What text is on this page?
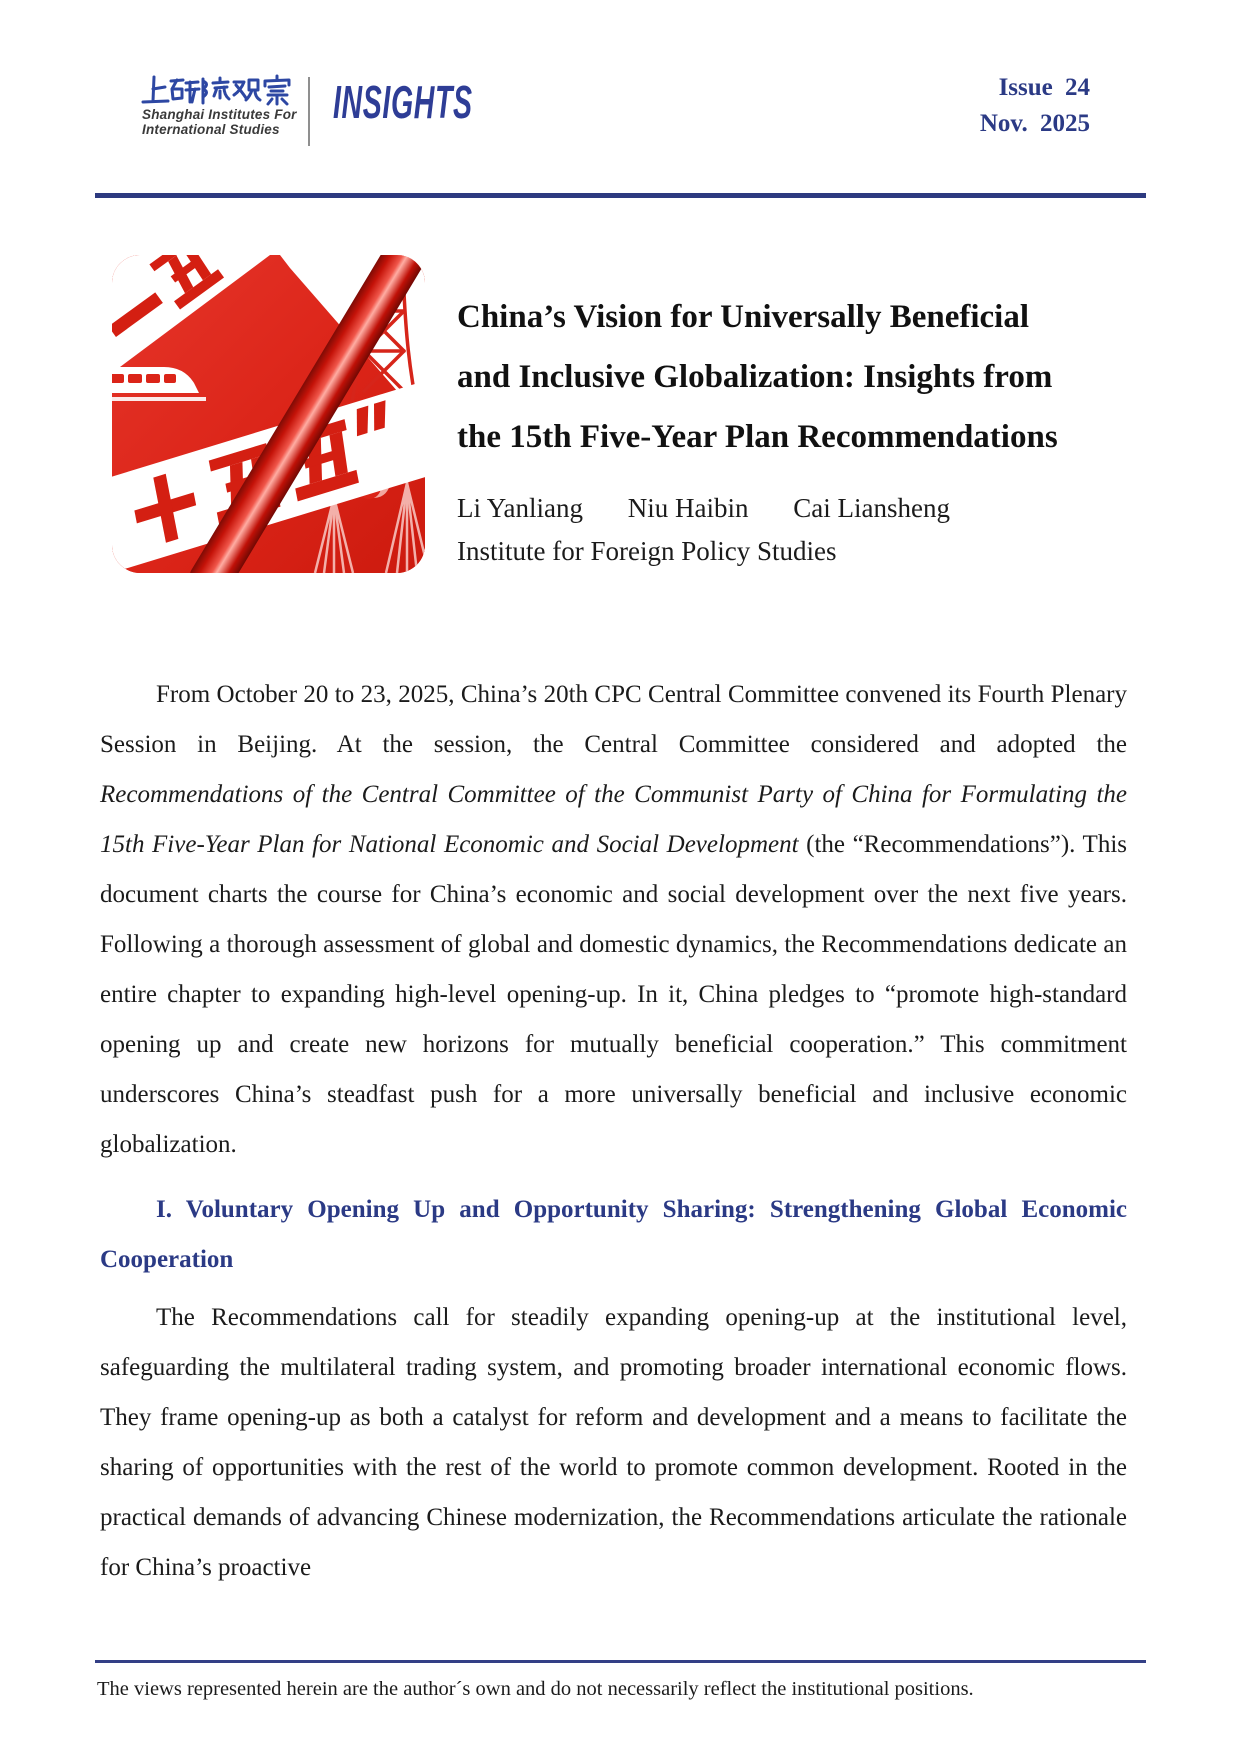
Shanghai Institutes For
International Studies
INSIGHTS	Issue 24
Nov. 2025
China’s Vision for Universally Beneficial
and Inclusive Globalization: Insights from
the 15th Five-Year Plan Recommendations
Li Yanliang Niu Haibin Cai Liansheng
Institute for Foreign Policy Studies

From October 20 to 23, 2025, China’s 20th CPC Central Committee convened its Fourth Plenary Session in Beijing. At the session, the Central Committee considered and adopted the Recommendations of the Central Committee of the Communist Party of China for Formulating the 15th Five-Year Plan for National Economic and Social Development (the “Recommendations”). This document charts the course for China’s economic and social development over the next five years. Following a thorough assessment of global and domestic dynamics, the Recommendations dedicate an entire chapter to expanding high-level opening-up. In it, China pledges to “promote high-standard opening up and create new horizons for mutually beneficial cooperation.” This commitment underscores China’s steadfast push for a more universally beneficial and inclusive economic globalization.

I. Voluntary Opening Up and Opportunity Sharing: Strengthening Global Economic Cooperation

The Recommendations call for steadily expanding opening-up at the institutional level, safeguarding the multilateral trading system, and promoting broader international economic flows. They frame opening-up as both a catalyst for reform and development and a means to facilitate the sharing of opportunities with the rest of the world to promote common development. Rooted in the practical demands of advancing Chinese modernization, the Recommendations articulate the rationale for China’s proactive

The views represented herein are the author´s own and do not necessarily reflect the institutional positions.
